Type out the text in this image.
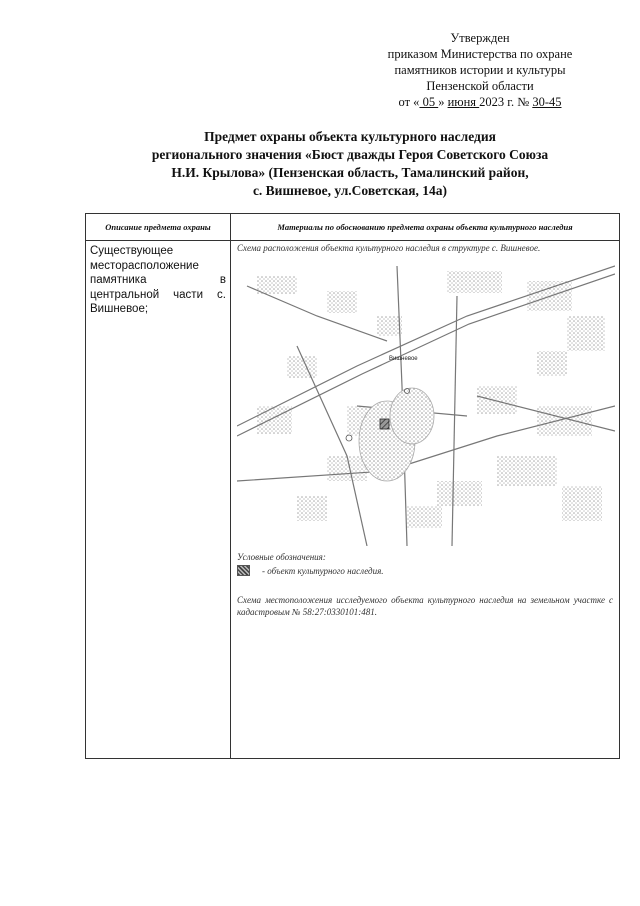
Утвержден
приказом Министерства по охране
памятников истории и культуры
Пензенской области
от « 05 » июня 2023 г. № 30-45
Предмет охраны объекта культурного наследия
регионального значения «Бюст дважды Героя Советского Союза
Н.И. Крылова» (Пензенская область, Тамалинский район,
с. Вишневое, ул.Советская, 14а)
Описание предмета охраны	Материалы по обоснованию предмета охраны объекта культурного наследия

Существующее месторасположение памятника в центральной части с. Вишневое;	Схема расположения объекта культурного наследия в структуре с. Вишневое.
Вишневое
Условные обозначения:
- объект культурного наследия.
Схема местоположения исследуемого объекта культурного наследия на земельном участке с кадастровым № 58:27:0330101:481.
